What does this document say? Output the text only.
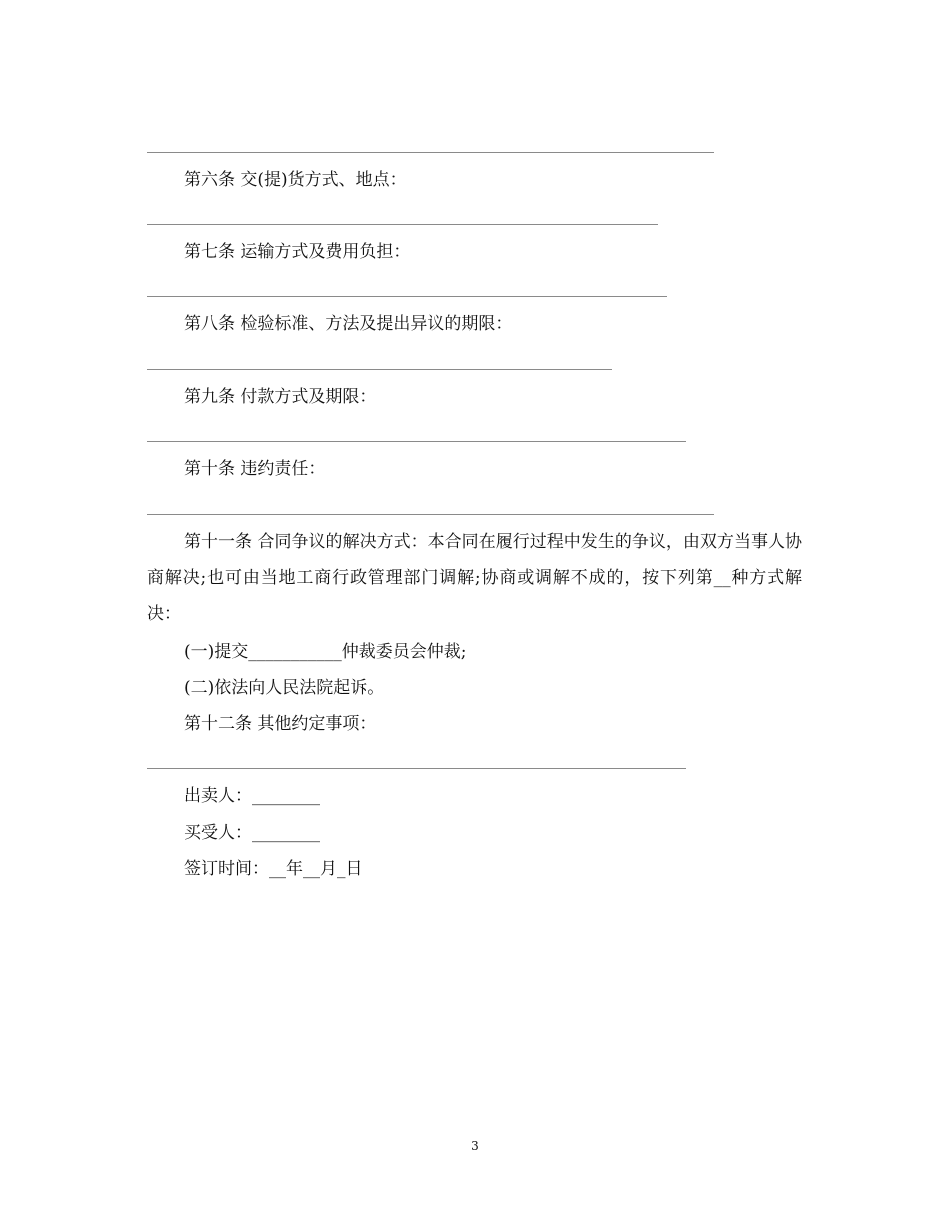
第六条 交(提)货方式、地点：
第七条 运输方式及费用负担：
第八条 检验标准、方法及提出异议的期限：
第九条 付款方式及期限：
第十条 违约责任：
第十一条 合同争议的解决方式：本合同在履行过程中发生的争议，由双方当事人协商解决;也可由当地工商行政管理部门调解;协商或调解不成的，按下列第__种方式解决：
(一)提交___________仲裁委员会仲裁;
(二)依法向人民法院起诉。
第十二条 其他约定事项：
出卖人：________
买受人：________
签订时间：__年__月_日
3
